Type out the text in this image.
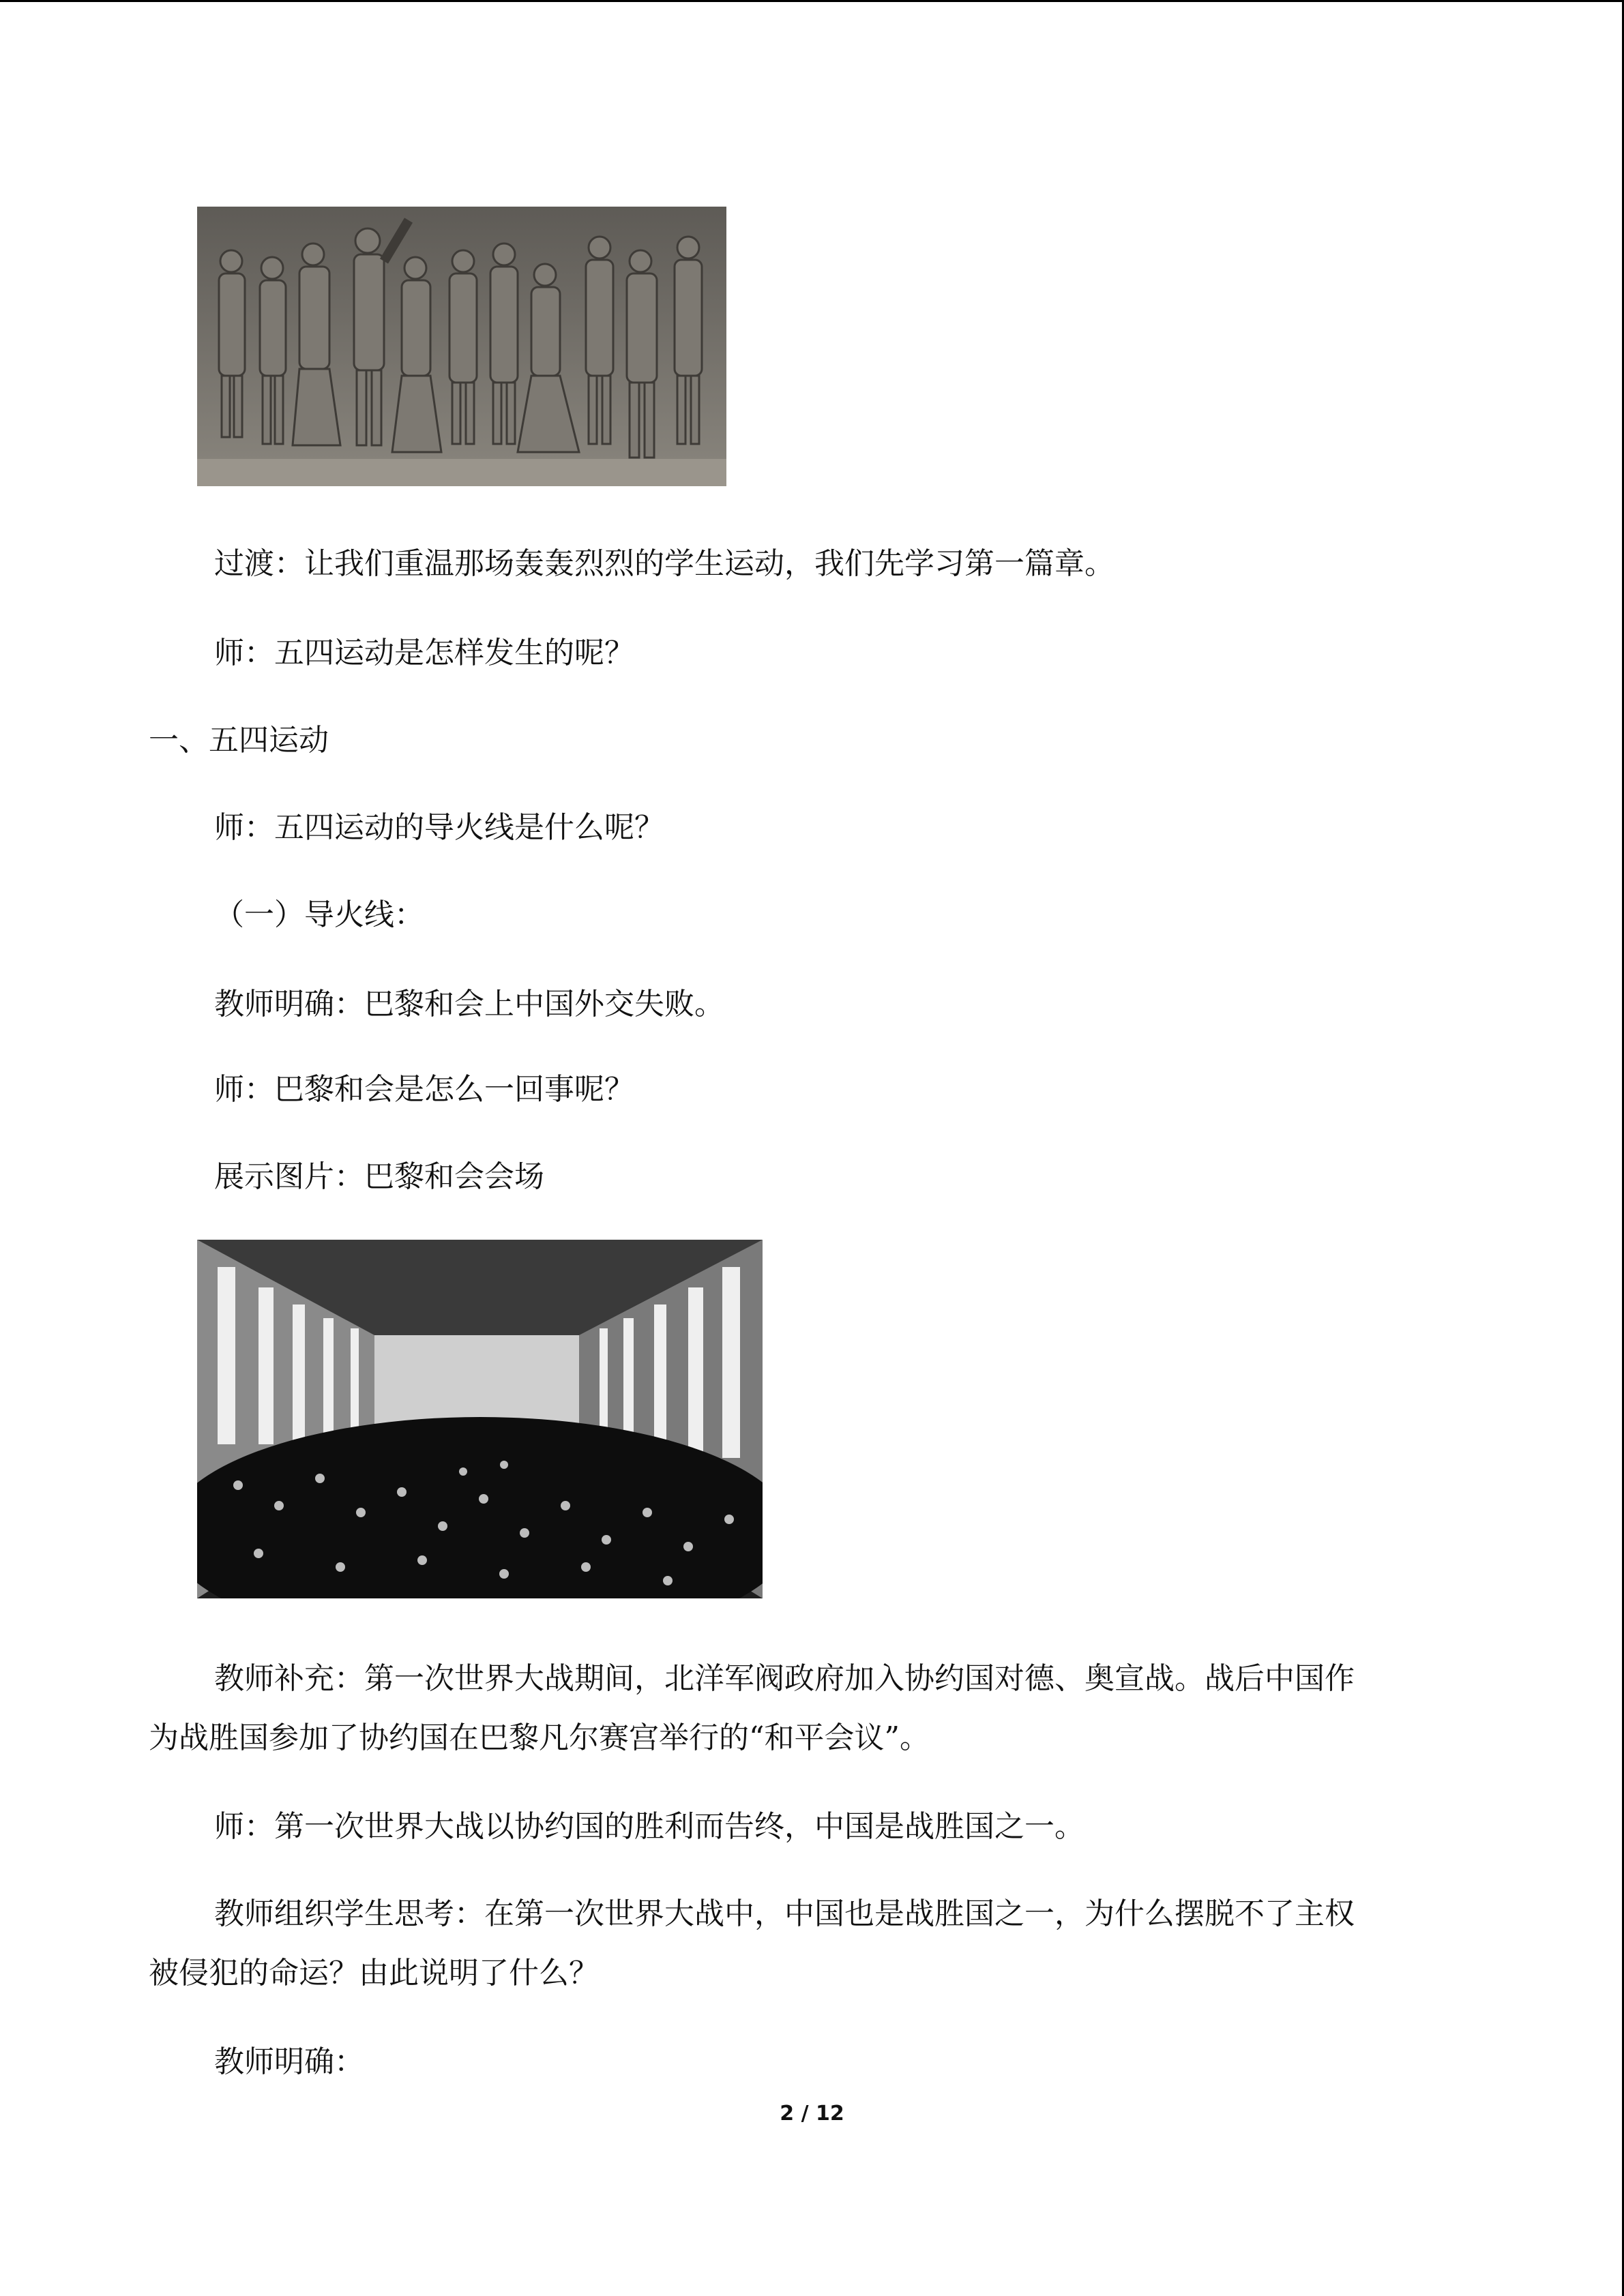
过渡：让我们重温那场轰轰烈烈的学生运动，我们先学习第一篇章。

师：五四运动是怎样发生的呢？

一、五四运动

师：五四运动的导火线是什么呢？

（一）导火线：

教师明确：巴黎和会上中国外交失败。

师：巴黎和会是怎么一回事呢？

展示图片：巴黎和会会场

教师补充：第一次世界大战期间，北洋军阀政府加入协约国对德、奥宣战。战后中国作

为战胜国参加了协约国在巴黎凡尔赛宫举行的“和平会议”。

师：第一次世界大战以协约国的胜利而告终，中国是战胜国之一。

教师组织学生思考：在第一次世界大战中，中国也是战胜国之一，为什么摆脱不了主权

被侵犯的命运？由此说明了什么？

教师明确：

2 / 12
